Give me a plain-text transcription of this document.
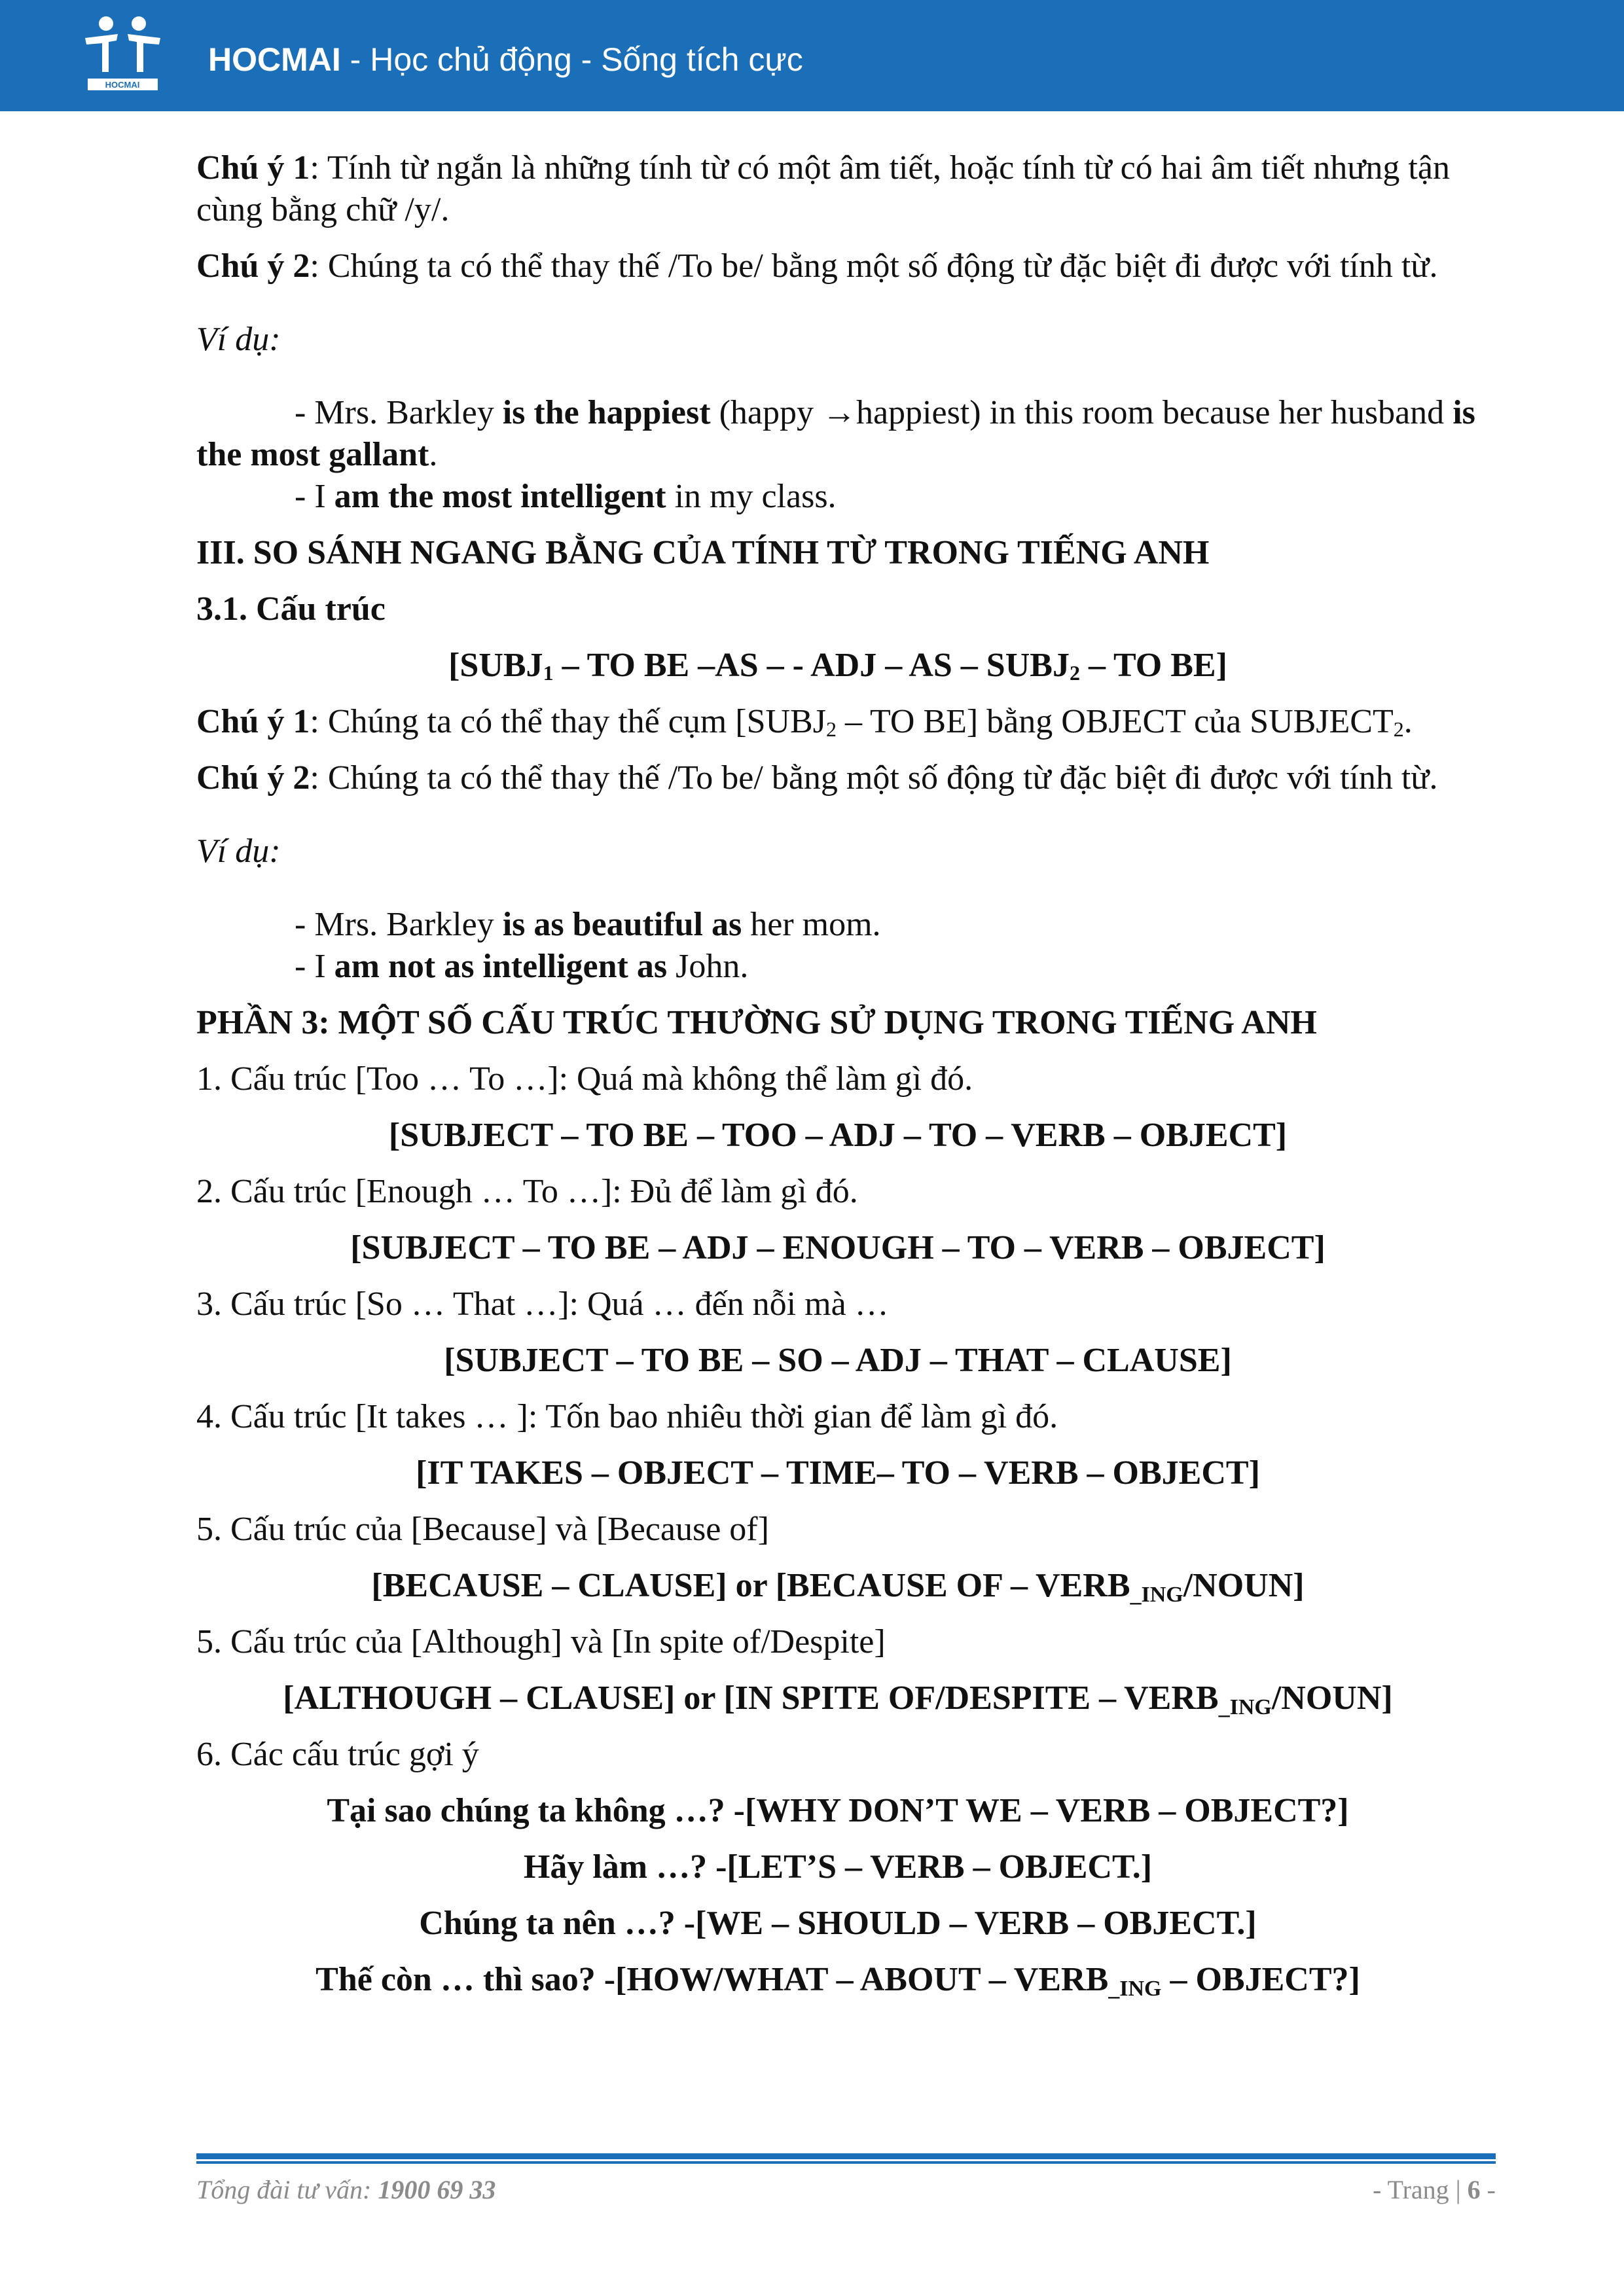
HOCMAI
HOCMAI - Học chủ động - Sống tích cực

Chú ý 1: Tính từ ngắn là những tính từ có một âm tiết, hoặc tính từ có hai âm tiết nhưng tận cùng bằng chữ /y/.

Chú ý 2: Chúng ta có thể thay thế /To be/ bằng một số động từ đặc biệt đi được với tính từ.

Ví dụ:

- Mrs. Barkley is the happiest (happy →happiest) in this room because her husband is the most gallant.

- I am the most intelligent in my class.

III. SO SÁNH NGANG BẰNG CỦA TÍNH TỪ TRONG TIẾNG ANH

3.1. Cấu trúc

[$SUBJ_1$ – TO BE –AS – - ADJ – AS – $SUBJ_2$ – TO BE]

Chú ý 1: Chúng ta có thể thay thế cụm [$SUBJ_2$ – TO BE] bằng OBJECT của $SUBJECT_2$.

Chú ý 2: Chúng ta có thể thay thế /To be/ bằng một số động từ đặc biệt đi được với tính từ.

Ví dụ:

- Mrs. Barkley is as beautiful as her mom.

- I am not as intelligent as John.

PHẦN 3: MỘT SỐ CẤU TRÚC THƯỜNG SỬ DỤNG TRONG TIẾNG ANH

1. Cấu trúc [Too … To …]: Quá mà không thể làm gì đó.

[SUBJECT – TO BE – TOO – ADJ – TO – VERB – OBJECT]

2. Cấu trúc [Enough … To …]: Đủ để làm gì đó.

[SUBJECT – TO BE – ADJ – ENOUGH – TO – VERB – OBJECT]

3. Cấu trúc [So … That …]: Quá … đến nỗi mà …

[SUBJECT – TO BE – SO – ADJ – THAT – CLAUSE]

4. Cấu trúc [It takes … ]: Tốn bao nhiêu thời gian để làm gì đó.

[IT TAKES – OBJECT – TIME– TO – VERB – OBJECT]

5. Cấu trúc của [Because] và [Because of]

[BECAUSE – CLAUSE] or [BECAUSE OF – VERB_ING/NOUN]

5. Cấu trúc của [Although] và [In spite of/Despite]

[ALTHOUGH – CLAUSE] or [IN SPITE OF/DESPITE – VERB_ING/NOUN]

6. Các cấu trúc gợi ý

Tại sao chúng ta không …? -[WHY DON’T WE – VERB – OBJECT?]

Hãy làm …? -[LET’S – VERB – OBJECT.]

Chúng ta nên …? -[WE – SHOULD – VERB – OBJECT.]

Thế còn … thì sao? -[HOW/WHAT – ABOUT – VERB_ING – OBJECT?]

Tổng đài tư vấn: 1900 69 33	- Trang | 6 -
